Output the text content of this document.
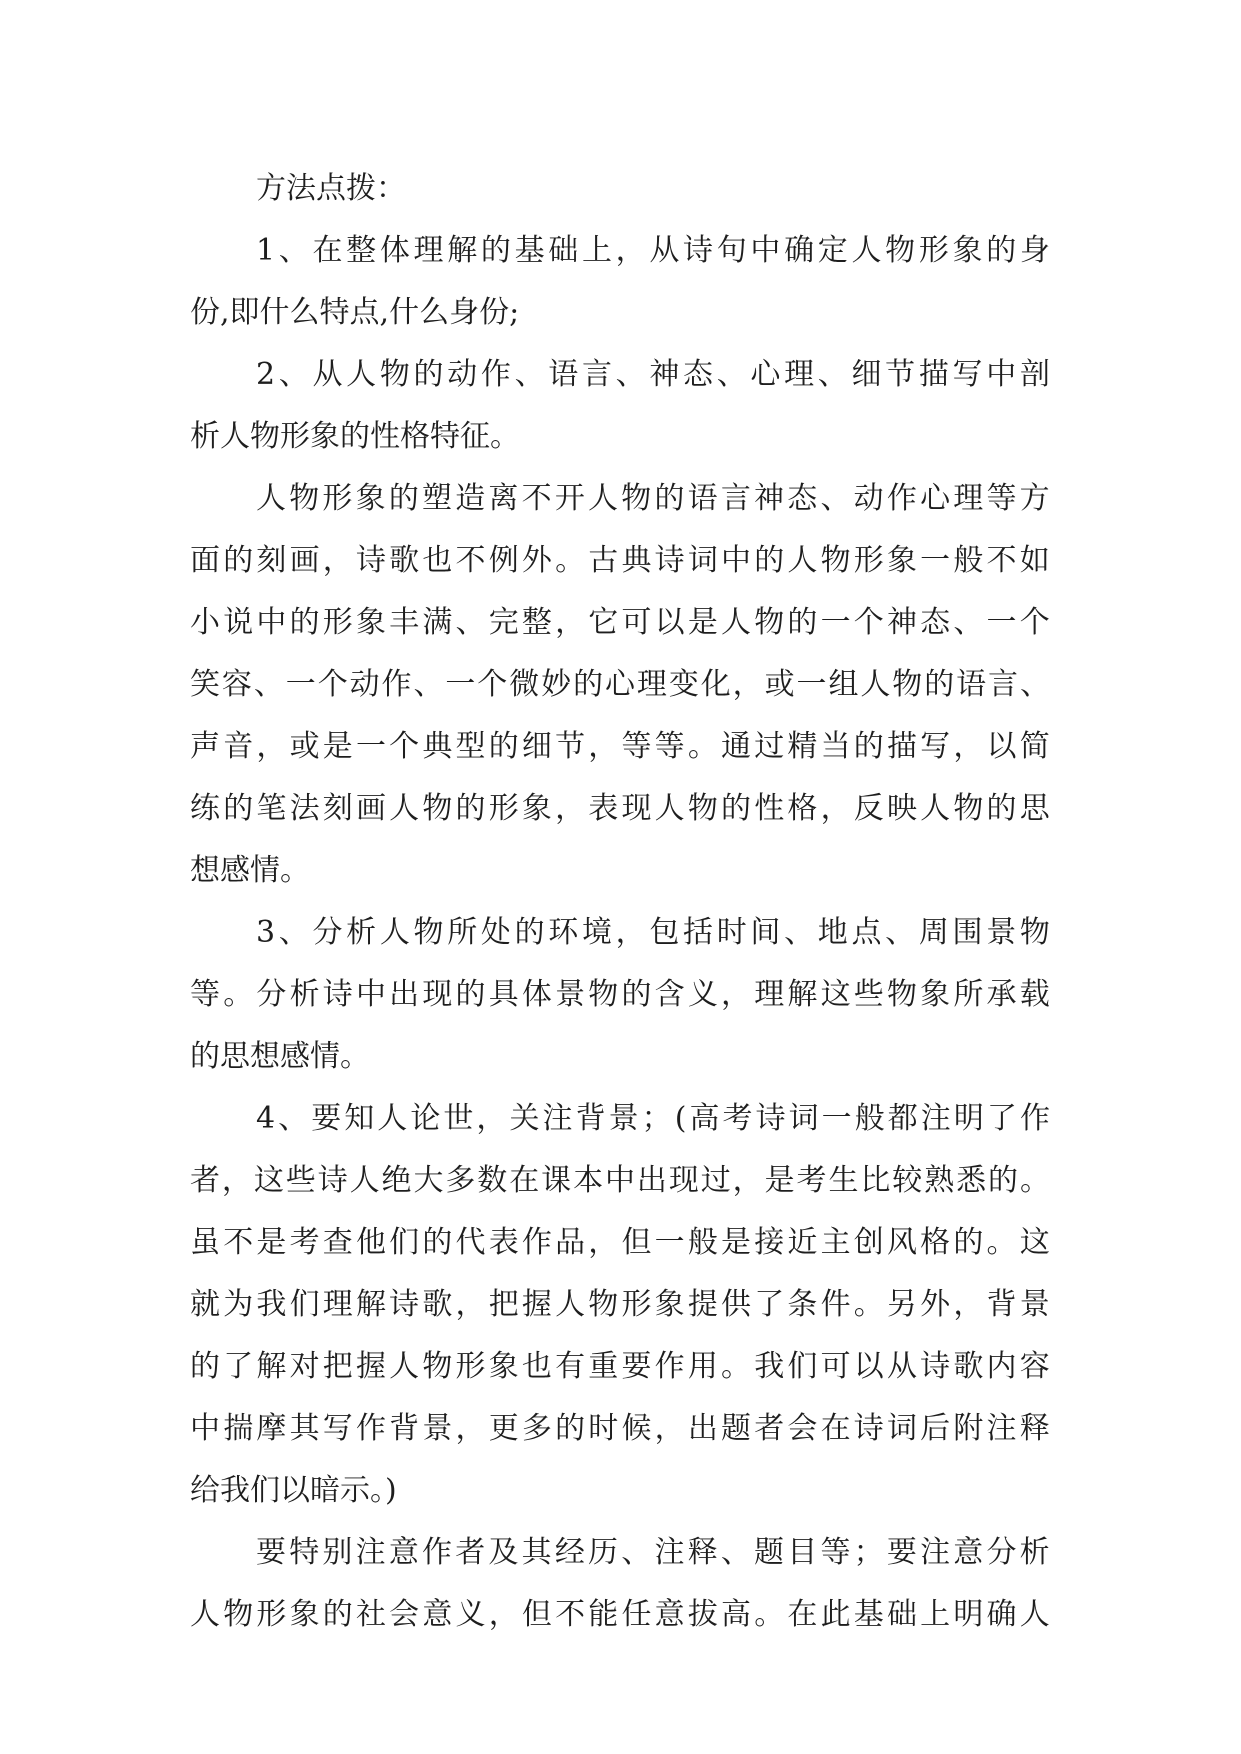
方法点拨：
1 、 在 整 体 理 解 的 基 础 上 ， 从 诗 句 中 确 定 人 物 形 象 的 身
份,即什么特点,什么身份;
2 、 从 人 物 的 动 作 、 语 言 、 神 态 、 心 理 、 细 节 描 写 中 剖
析人物形象的性格特征。
人 物 形 象 的 塑 造 离 不 开 人 物 的 语 言 神 态 、 动 作 心 理 等 方
面 的 刻 画 ， 诗 歌 也 不 例 外 。 古 典 诗 词 中 的 人 物 形 象 一 般 不 如
小 说 中 的 形 象 丰 满 、 完 整 ， 它 可 以 是 人 物 的 一 个 神 态 、 一 个
笑 容 、 一 个 动 作 、 一 个 微 妙 的 心 理 变 化 ， 或 一 组 人 物 的 语 言 、
声 音 ， 或 是 一 个 典 型 的 细 节 ， 等 等 。 通 过 精 当 的 描 写 ， 以 简
练 的 笔 法 刻 画 人 物 的 形 象 ， 表 现 人 物 的 性 格 ， 反 映 人 物 的 思
想感情。
3 、 分 析 人 物 所 处 的 环 境 ， 包 括 时 间 、 地 点 、 周 围 景 物
等 。 分 析 诗 中 出 现 的 具 体 景 物 的 含 义 ， 理 解 这 些 物 象 所 承 载
的思想感情。
4 、 要 知 人 论 世 ， 关 注 背 景 ； ( 高 考 诗 词 一 般 都 注 明 了 作
者 ， 这 些 诗 人 绝 大 多 数 在 课 本 中 出 现 过 ， 是 考 生 比 较 熟 悉 的 。
虽 不 是 考 查 他 们 的 代 表 作 品 ， 但 一 般 是 接 近 主 创 风 格 的 。 这
就 为 我 们 理 解 诗 歌 ， 把 握 人 物 形 象 提 供 了 条 件 。 另 外 ， 背 景
的 了 解 对 把 握 人 物 形 象 也 有 重 要 作 用 。 我 们 可 以 从 诗 歌 内 容
中 揣 摩 其 写 作 背 景 ， 更 多 的 时 候 ， 出 题 者 会 在 诗 词 后 附 注 释
给我们以暗示。)
要 特 别 注 意 作 者 及 其 经 历 、 注 释 、 题 目 等 ； 要 注 意 分 析
人 物 形 象 的 社 会 意 义 ， 但 不 能 任 意 拔 高 。 在 此 基 础 上 明 确 人
